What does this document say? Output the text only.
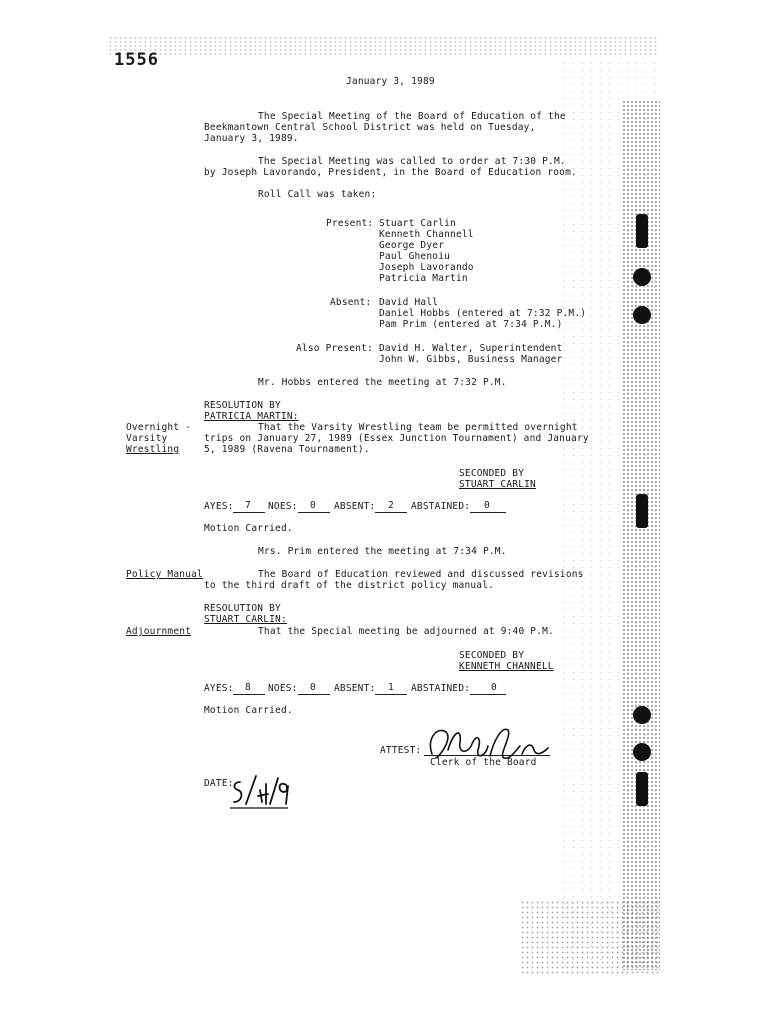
1556
January 3, 1989
The Special Meeting of the Board of Education of the
Beekmantown Central School District was held on Tuesday,
January 3, 1989.
The Special Meeting was called to order at 7:30 P.M.
by Joseph Lavorando, President, in the Board of Education room.
Roll Call was taken:
Present: Stuart Carlin
Kenneth Channell
George Dyer
Paul Ghenoiu
Joseph Lavorando
Patricia Martin
Absent: David Hall
Daniel Hobbs (entered at 7:32 P.M.)
Pam Prim (entered at 7:34 P.M.)
Also Present: David H. Walter, Superintendent
John W. Gibbs, Business Manager
Mr. Hobbs entered the meeting at 7:32 P.M.
RESOLUTION BY
PATRICIA MARTIN:
Overnight -
Varsity
Wrestling
That the Varsity Wrestling team be permitted overnight
trips on January 27, 1989 (Essex Junction Tournament) and January
5, 1989 (Ravena Tournament).
SECONDED BY
STUART CARLIN
AYES: 7 NOES: 0 ABSENT: 2 ABSTAINED: 0
Motion Carried.
Mrs. Prim entered the meeting at 7:34 P.M.
Policy Manual	The Board of Education reviewed and discussed revisions
to the third draft of the district policy manual.
RESOLUTION BY
STUART CARLIN:
Adjournment	That the Special meeting be adjourned at 9:40 P.M.
SECONDED BY
KENNETH CHANNELL
AYES: 8 NOES: 0 ABSENT: 1 ABSTAINED: 0
Motion Carried.
ATTEST:
Clerk of the Board
DATE:
